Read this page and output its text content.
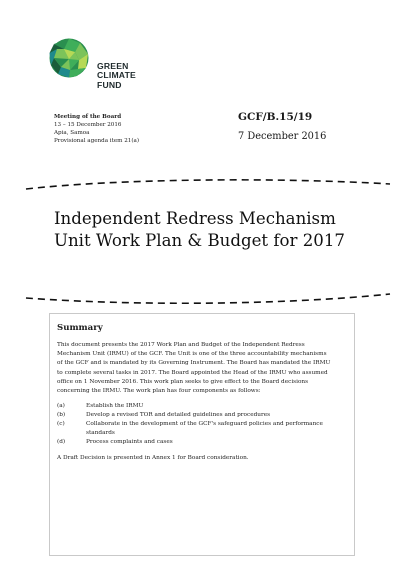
GREEN
CLIMATE
FUND
Meeting of the Board
13 – 15 December 2016
Apia, Samoa
Provisional agenda item 21(a)
GCF/B.15/19
7 December 2016
Independent Redress Mechanism
Unit Work Plan & Budget for 2017
Summary

This document presents the 2017 Work Plan and Budget of the Independent Redress
Mechanism Unit (IRMU) of the GCF. The Unit is one of the three accountability mechanisms
of the GCF and is mandated by its Governing Instrument. The Board has mandated the IRMU
to complete several tasks in 2017. The Board appointed the Head of the IRMU who assumed
office on 1 November 2016. This work plan seeks to give effect to the Board decisions
concerning the IRMU. The work plan has four components as follows:

(a)	Establish the IRMU
(b)	Develop a revised TOR and detailed guidelines and procedures
(c)	Collaborate in the development of the GCF's safeguard policies and performance standards
(d)	Process complaints and cases

A Draft Decision is presented in Annex 1 for Board consideration.
